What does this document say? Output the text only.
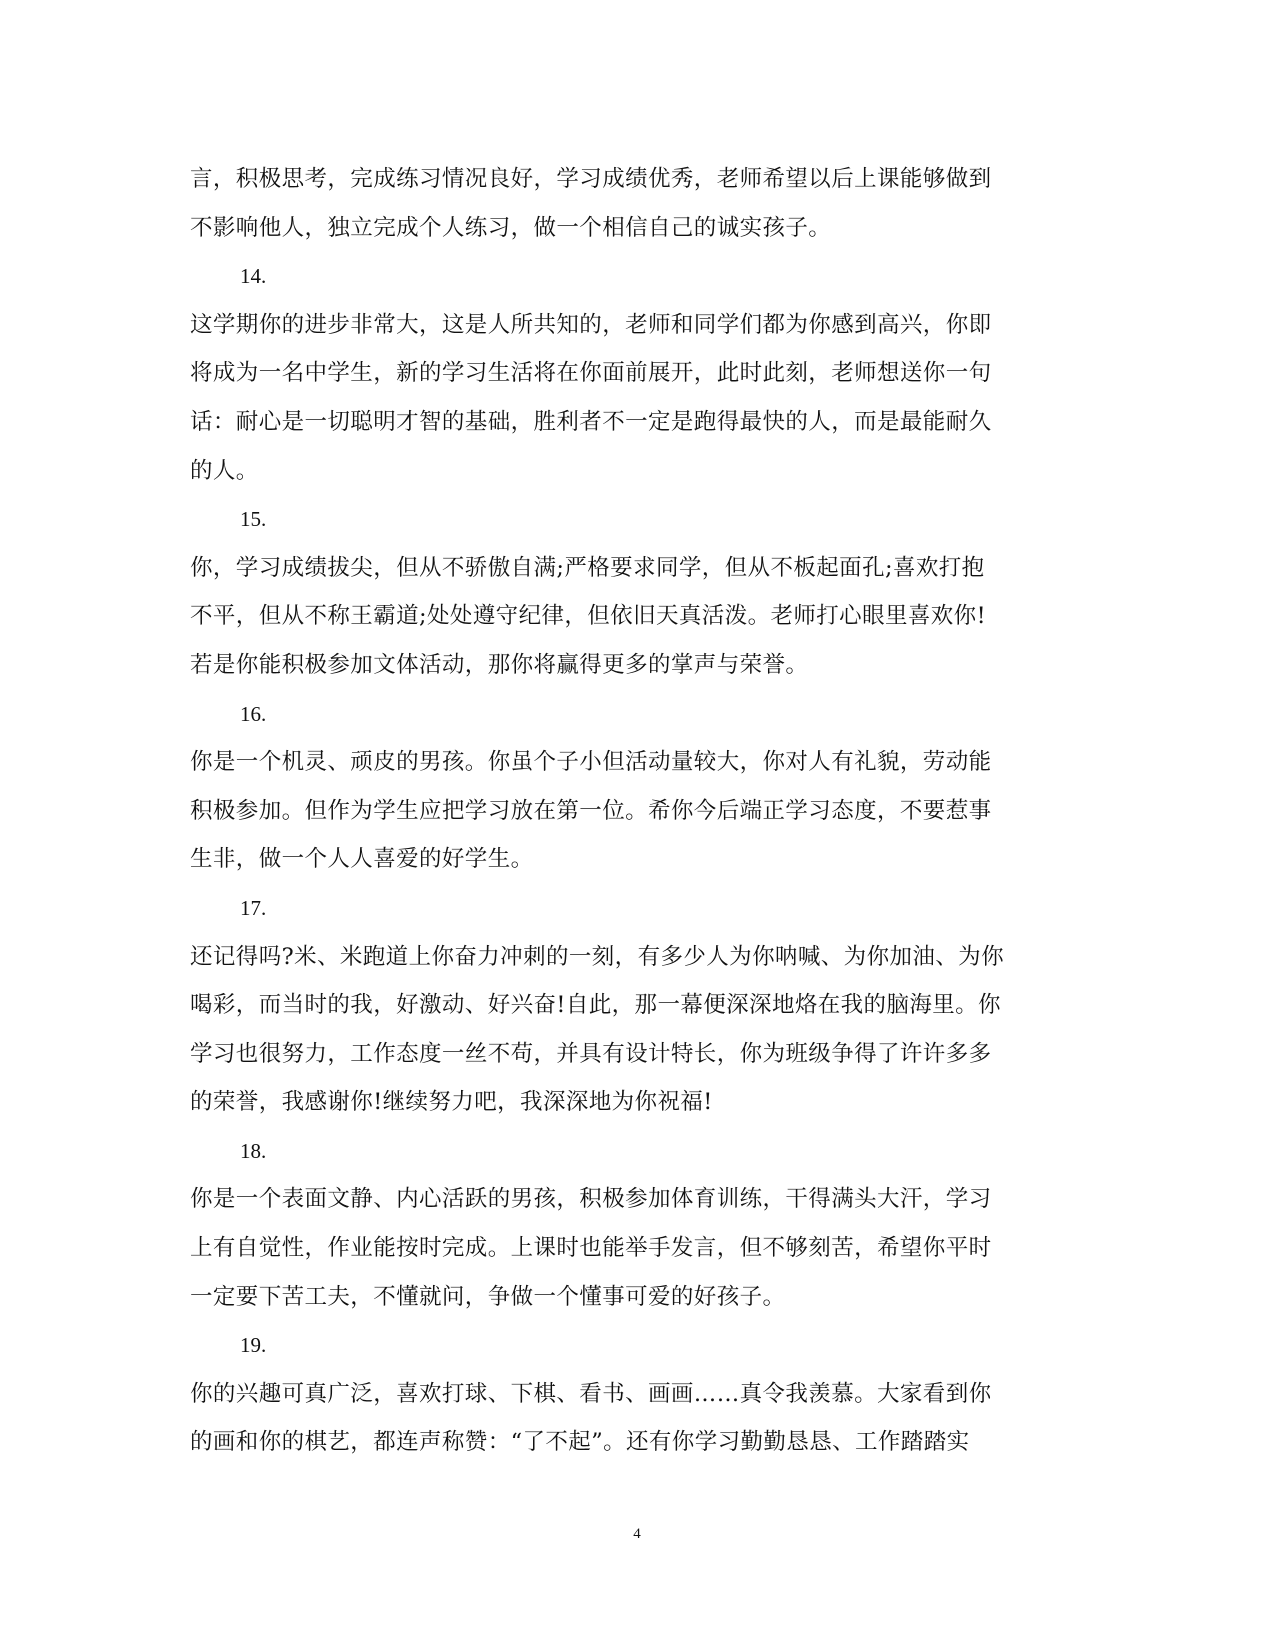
言，积极思考，完成练习情况良好，学习成绩优秀，老师希望以后上课能够做到
不影响他人，独立完成个人练习，做一个相信自己的诚实孩子。
14.
这学期你的进步非常大，这是人所共知的，老师和同学们都为你感到高兴，你即
将成为一名中学生，新的学习生活将在你面前展开，此时此刻，老师想送你一句
话：耐心是一切聪明才智的基础，胜利者不一定是跑得最快的人，而是最能耐久
的人。
15.
你，学习成绩拔尖，但从不骄傲自满;严格要求同学，但从不板起面孔;喜欢打抱
不平，但从不称王霸道;处处遵守纪律，但依旧天真活泼。老师打心眼里喜欢你!
若是你能积极参加文体活动，那你将赢得更多的掌声与荣誉。
16.
你是一个机灵、顽皮的男孩。你虽个子小但活动量较大，你对人有礼貌，劳动能
积极参加。但作为学生应把学习放在第一位。希你今后端正学习态度，不要惹事
生非，做一个人人喜爱的好学生。
17.
还记得吗?米、米跑道上你奋力冲刺的一刻，有多少人为你呐喊、为你加油、为你
喝彩，而当时的我，好激动、好兴奋!自此，那一幕便深深地烙在我的脑海里。你
学习也很努力，工作态度一丝不苟，并具有设计特长，你为班级争得了许许多多
的荣誉，我感谢你!继续努力吧，我深深地为你祝福!
18.
你是一个表面文静、内心活跃的男孩，积极参加体育训练，干得满头大汗，学习
上有自觉性，作业能按时完成。上课时也能举手发言，但不够刻苦，希望你平时
一定要下苦工夫，不懂就问，争做一个懂事可爱的好孩子。
19.
你的兴趣可真广泛，喜欢打球、下棋、看书、画画……真令我羡慕。大家看到你
的画和你的棋艺，都连声称赞：“了不起”。还有你学习勤勤恳恳、工作踏踏实
4
